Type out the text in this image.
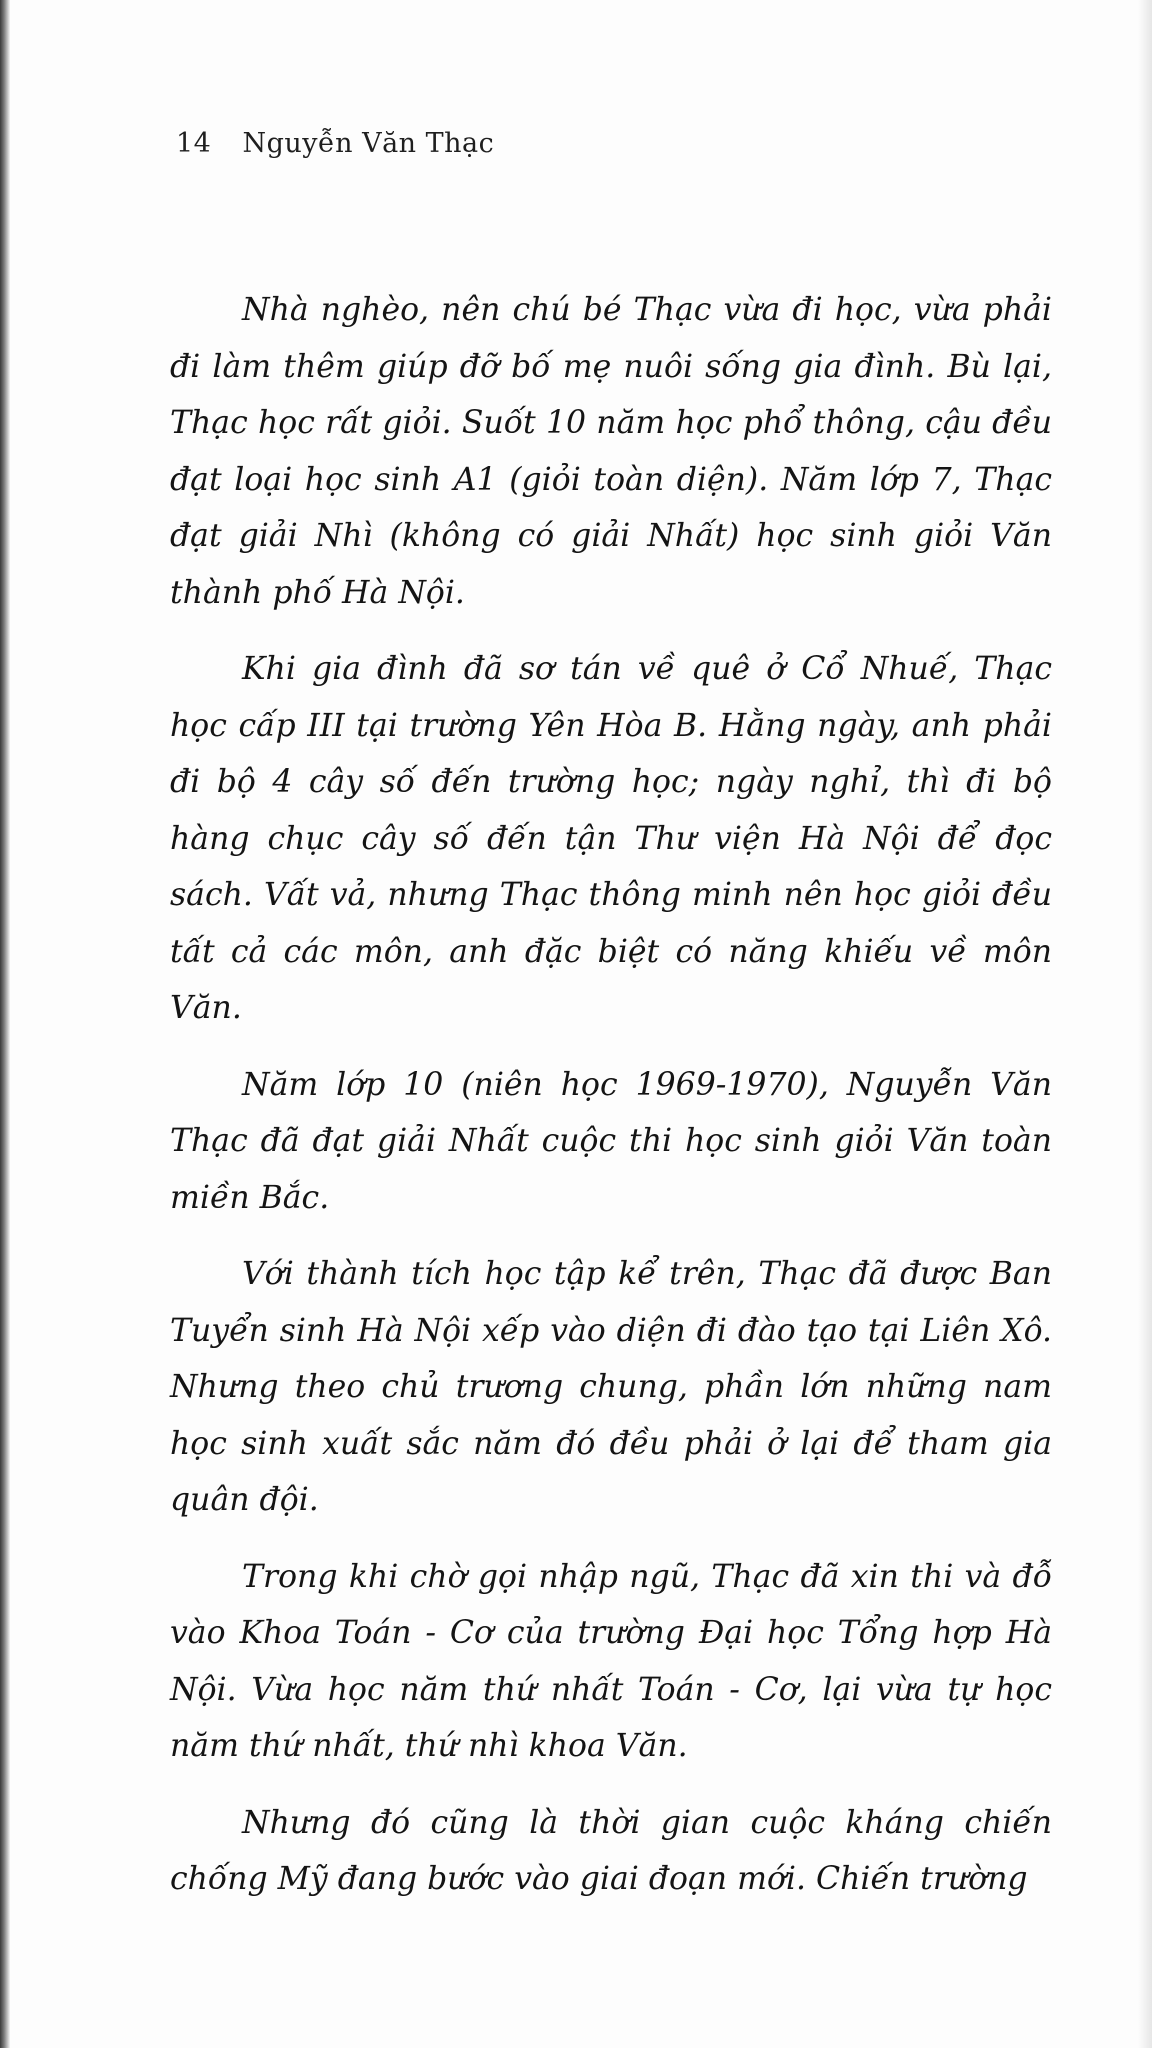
14 Nguyễn Văn Thạc

Nhà nghèo, nên chú bé Thạc vừa đi học, vừa phải đi làm thêm giúp đỡ bố mẹ nuôi sống gia đình. Bù lại, Thạc học rất giỏi. Suốt 10 năm học phổ thông, cậu đều đạt loại học sinh A1 (giỏi toàn diện). Năm lớp 7, Thạc đạt giải Nhì (không có giải Nhất) học sinh giỏi Văn thành phố Hà Nội.

Khi gia đình đã sơ tán về quê ở Cổ Nhuế, Thạc học cấp III tại trường Yên Hòa B. Hằng ngày, anh phải đi bộ 4 cây số đến trường học; ngày nghỉ, thì đi bộ hàng chục cây số đến tận Thư viện Hà Nội để đọc sách. Vất vả, nhưng Thạc thông minh nên học giỏi đều tất cả các môn, anh đặc biệt có năng khiếu về môn Văn.

Năm lớp 10 (niên học 1969-1970), Nguyễn Văn Thạc đã đạt giải Nhất cuộc thi học sinh giỏi Văn toàn miền Bắc.

Với thành tích học tập kể trên, Thạc đã được Ban Tuyển sinh Hà Nội xếp vào diện đi đào tạo tại Liên Xô. Nhưng theo chủ trương chung, phần lớn những nam học sinh xuất sắc năm đó đều phải ở lại để tham gia quân đội.

Trong khi chờ gọi nhập ngũ, Thạc đã xin thi và đỗ vào Khoa Toán - Cơ của trường Đại học Tổng hợp Hà Nội. Vừa học năm thứ nhất Toán - Cơ, lại vừa tự học năm thứ nhất, thứ nhì khoa Văn.

Nhưng đó cũng là thời gian cuộc kháng chiến chống Mỹ đang bước vào giai đoạn mới. Chiến trường
